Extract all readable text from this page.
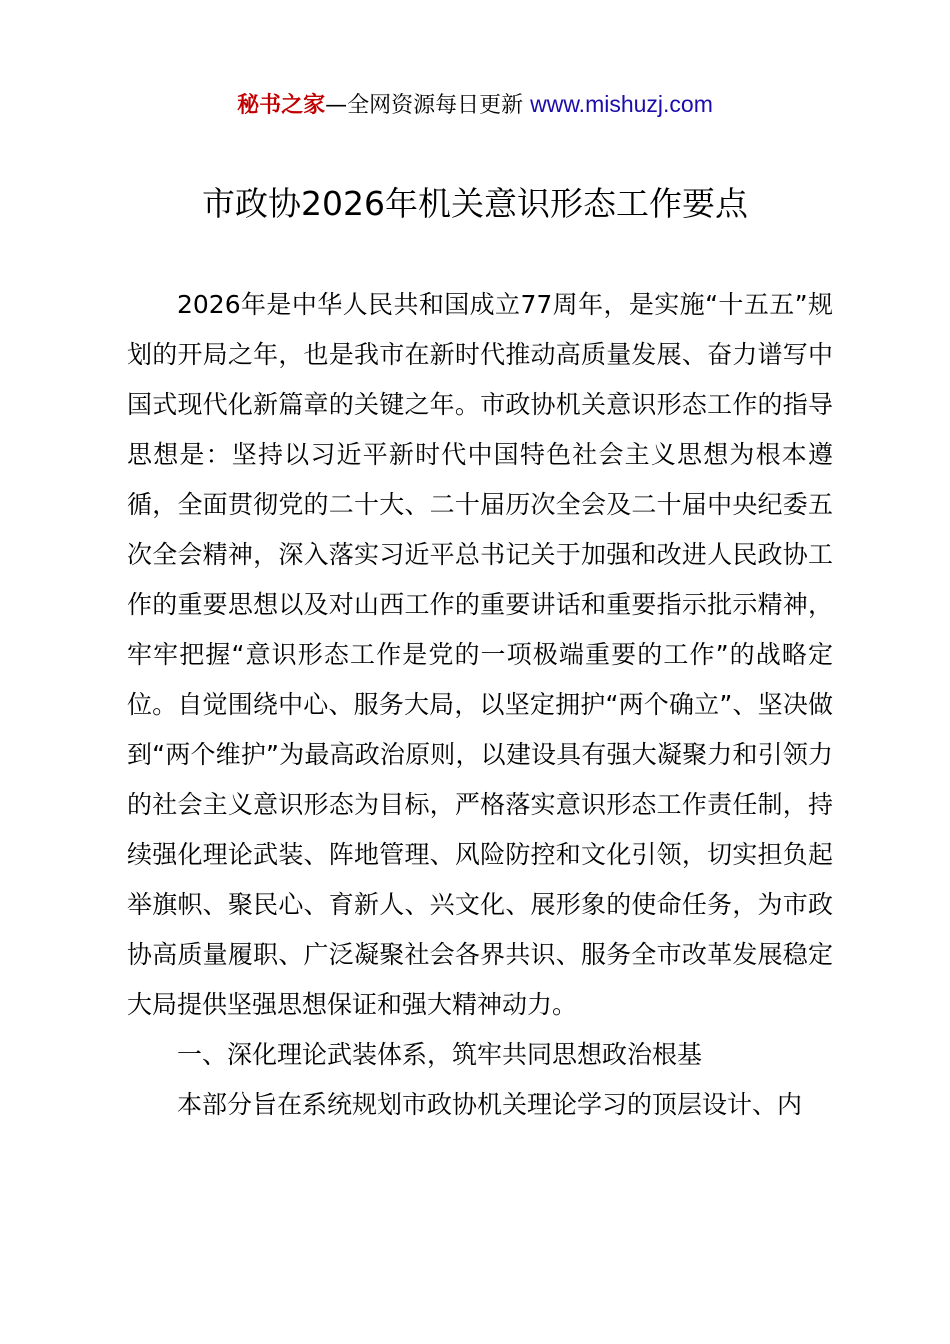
秘书之家—全网资源每日更新 www.mishuzj.com
市政协2026年机关意识形态工作要点

2026年是中华人民共和国成立77周年，是实施“十五五”规划的开局之年，也是我市在新时代推动高质量发展、奋力谱写中国式现代化新篇章的关键之年。市政协机关意识形态工作的指导思想是：坚持以习近平新时代中国特色社会主义思想为根本遵循，全面贯彻党的二十大、二十届历次全会及二十届中央纪委五次全会精神，深入落实习近平总书记关于加强和改进人民政协工作的重要思想以及对山西工作的重要讲话和重要指示批示精神，牢牢把握“意识形态工作是党的一项极端重要的工作”的战略定位。自觉围绕中心、服务大局，以坚定拥护“两个确立”、坚决做到“两个维护”为最高政治原则，以建设具有强大凝聚力和引领力的社会主义意识形态为目标，严格落实意识形态工作责任制，持续强化理论武装、阵地管理、风险防控和文化引领，切实担负起举旗帜、聚民心、育新人、兴文化、展形象的使命任务，为市政协高质量履职、广泛凝聚社会各界共识、服务全市改革发展稳定大局提供坚强思想保证和强大精神动力。

一、深化理论武装体系，筑牢共同思想政治根基

本部分旨在系统规划市政协机关理论学习的顶层设计、内
